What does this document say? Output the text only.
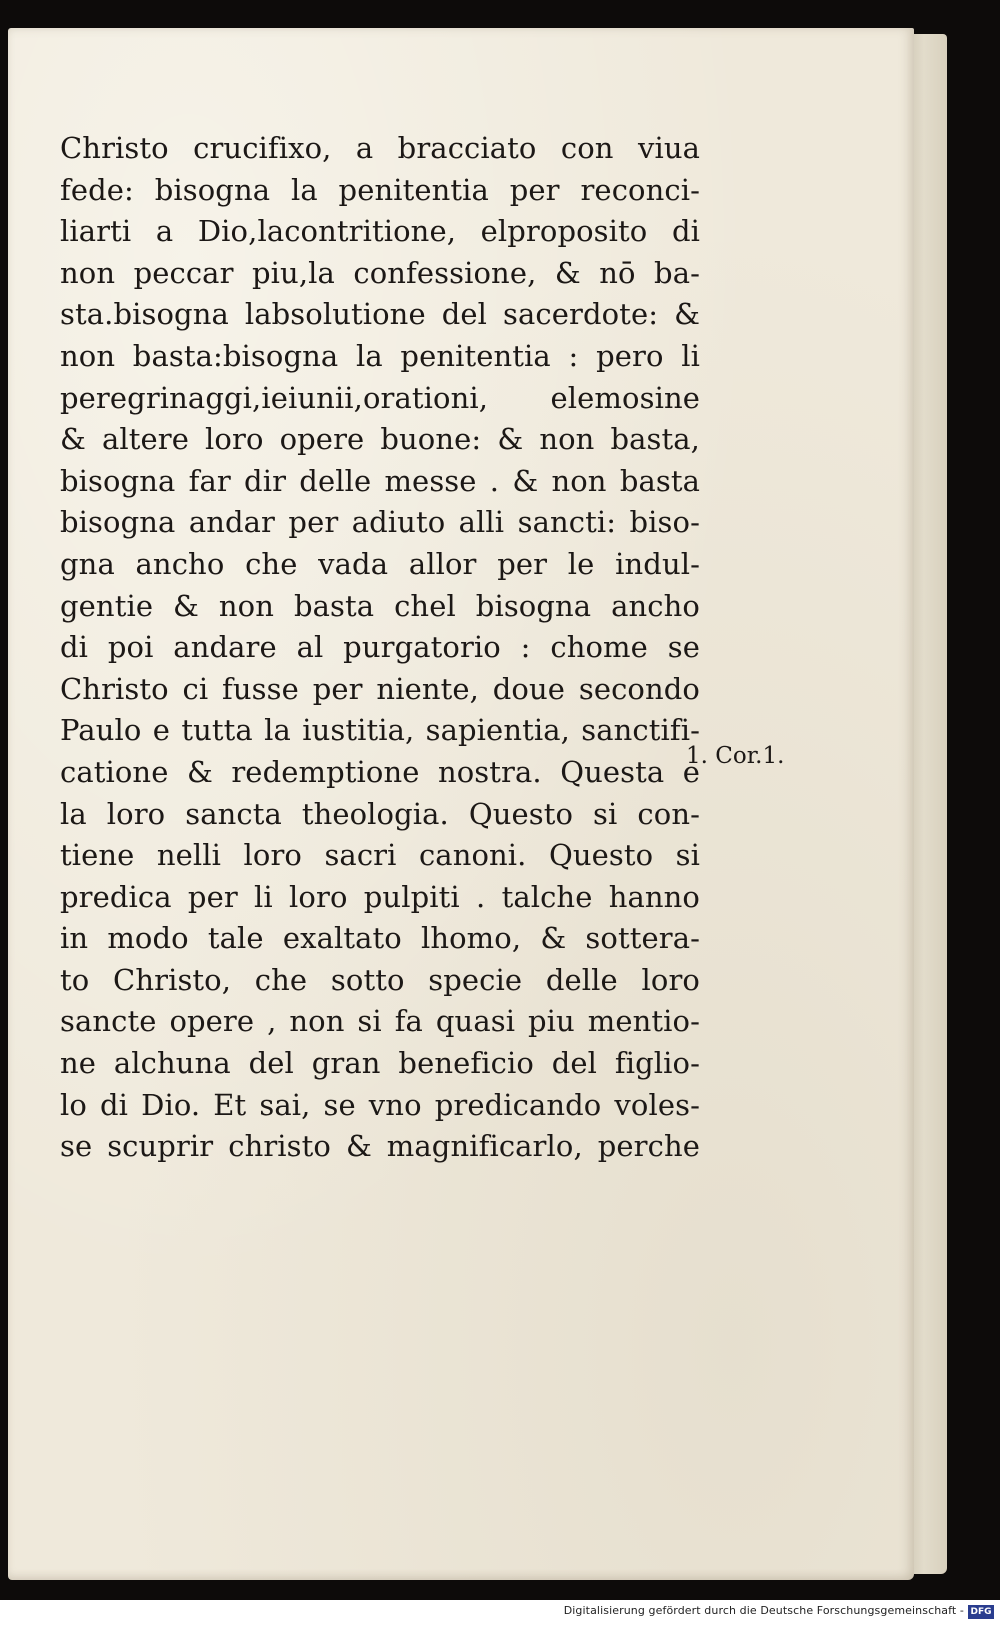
Christo crucifixo, a bracciato con viua
fede: bisogna la penitentia per reconci-
liarti a Dio,lacontritione, elproposito di
non peccar piu,la confessione, & nō ba-
sta.bisogna labsolutione del sacerdote: &
non basta:bisogna la penitentia : pero li
peregrinaggi,ieiunii,orationi, elemosine
& altere loro opere buone: & non basta,
bisogna far dir delle messe . & non basta
bisogna andar per adiuto alli sancti: biso-
gna ancho che vada allor per le indul-
gentie & non basta chel bisogna ancho
di poi andare al purgatorio : chome se
Christo ci fusse per niente, doue secondo
Paulo e tutta la iustitia, sapientia, sanctifi-
catione & redemptione nostra. Questa e
la loro sancta theologia. Questo si con-
tiene nelli loro sacri canoni. Questo si
predica per li loro pulpiti . talche hanno
in modo tale exaltato lhomo, & sottera-
to Christo, che sotto specie delle loro
sancte opere , non si fa quasi piu mentio-
ne alchuna del gran beneficio del figlio-
lo di Dio. Et sai, se vno predicando voles-
se scuprir christo & magnificarlo, perche
1. Cor.1.
Digitalisierung gefördert durch die Deutsche Forschungsgemeinschaft - DFG
